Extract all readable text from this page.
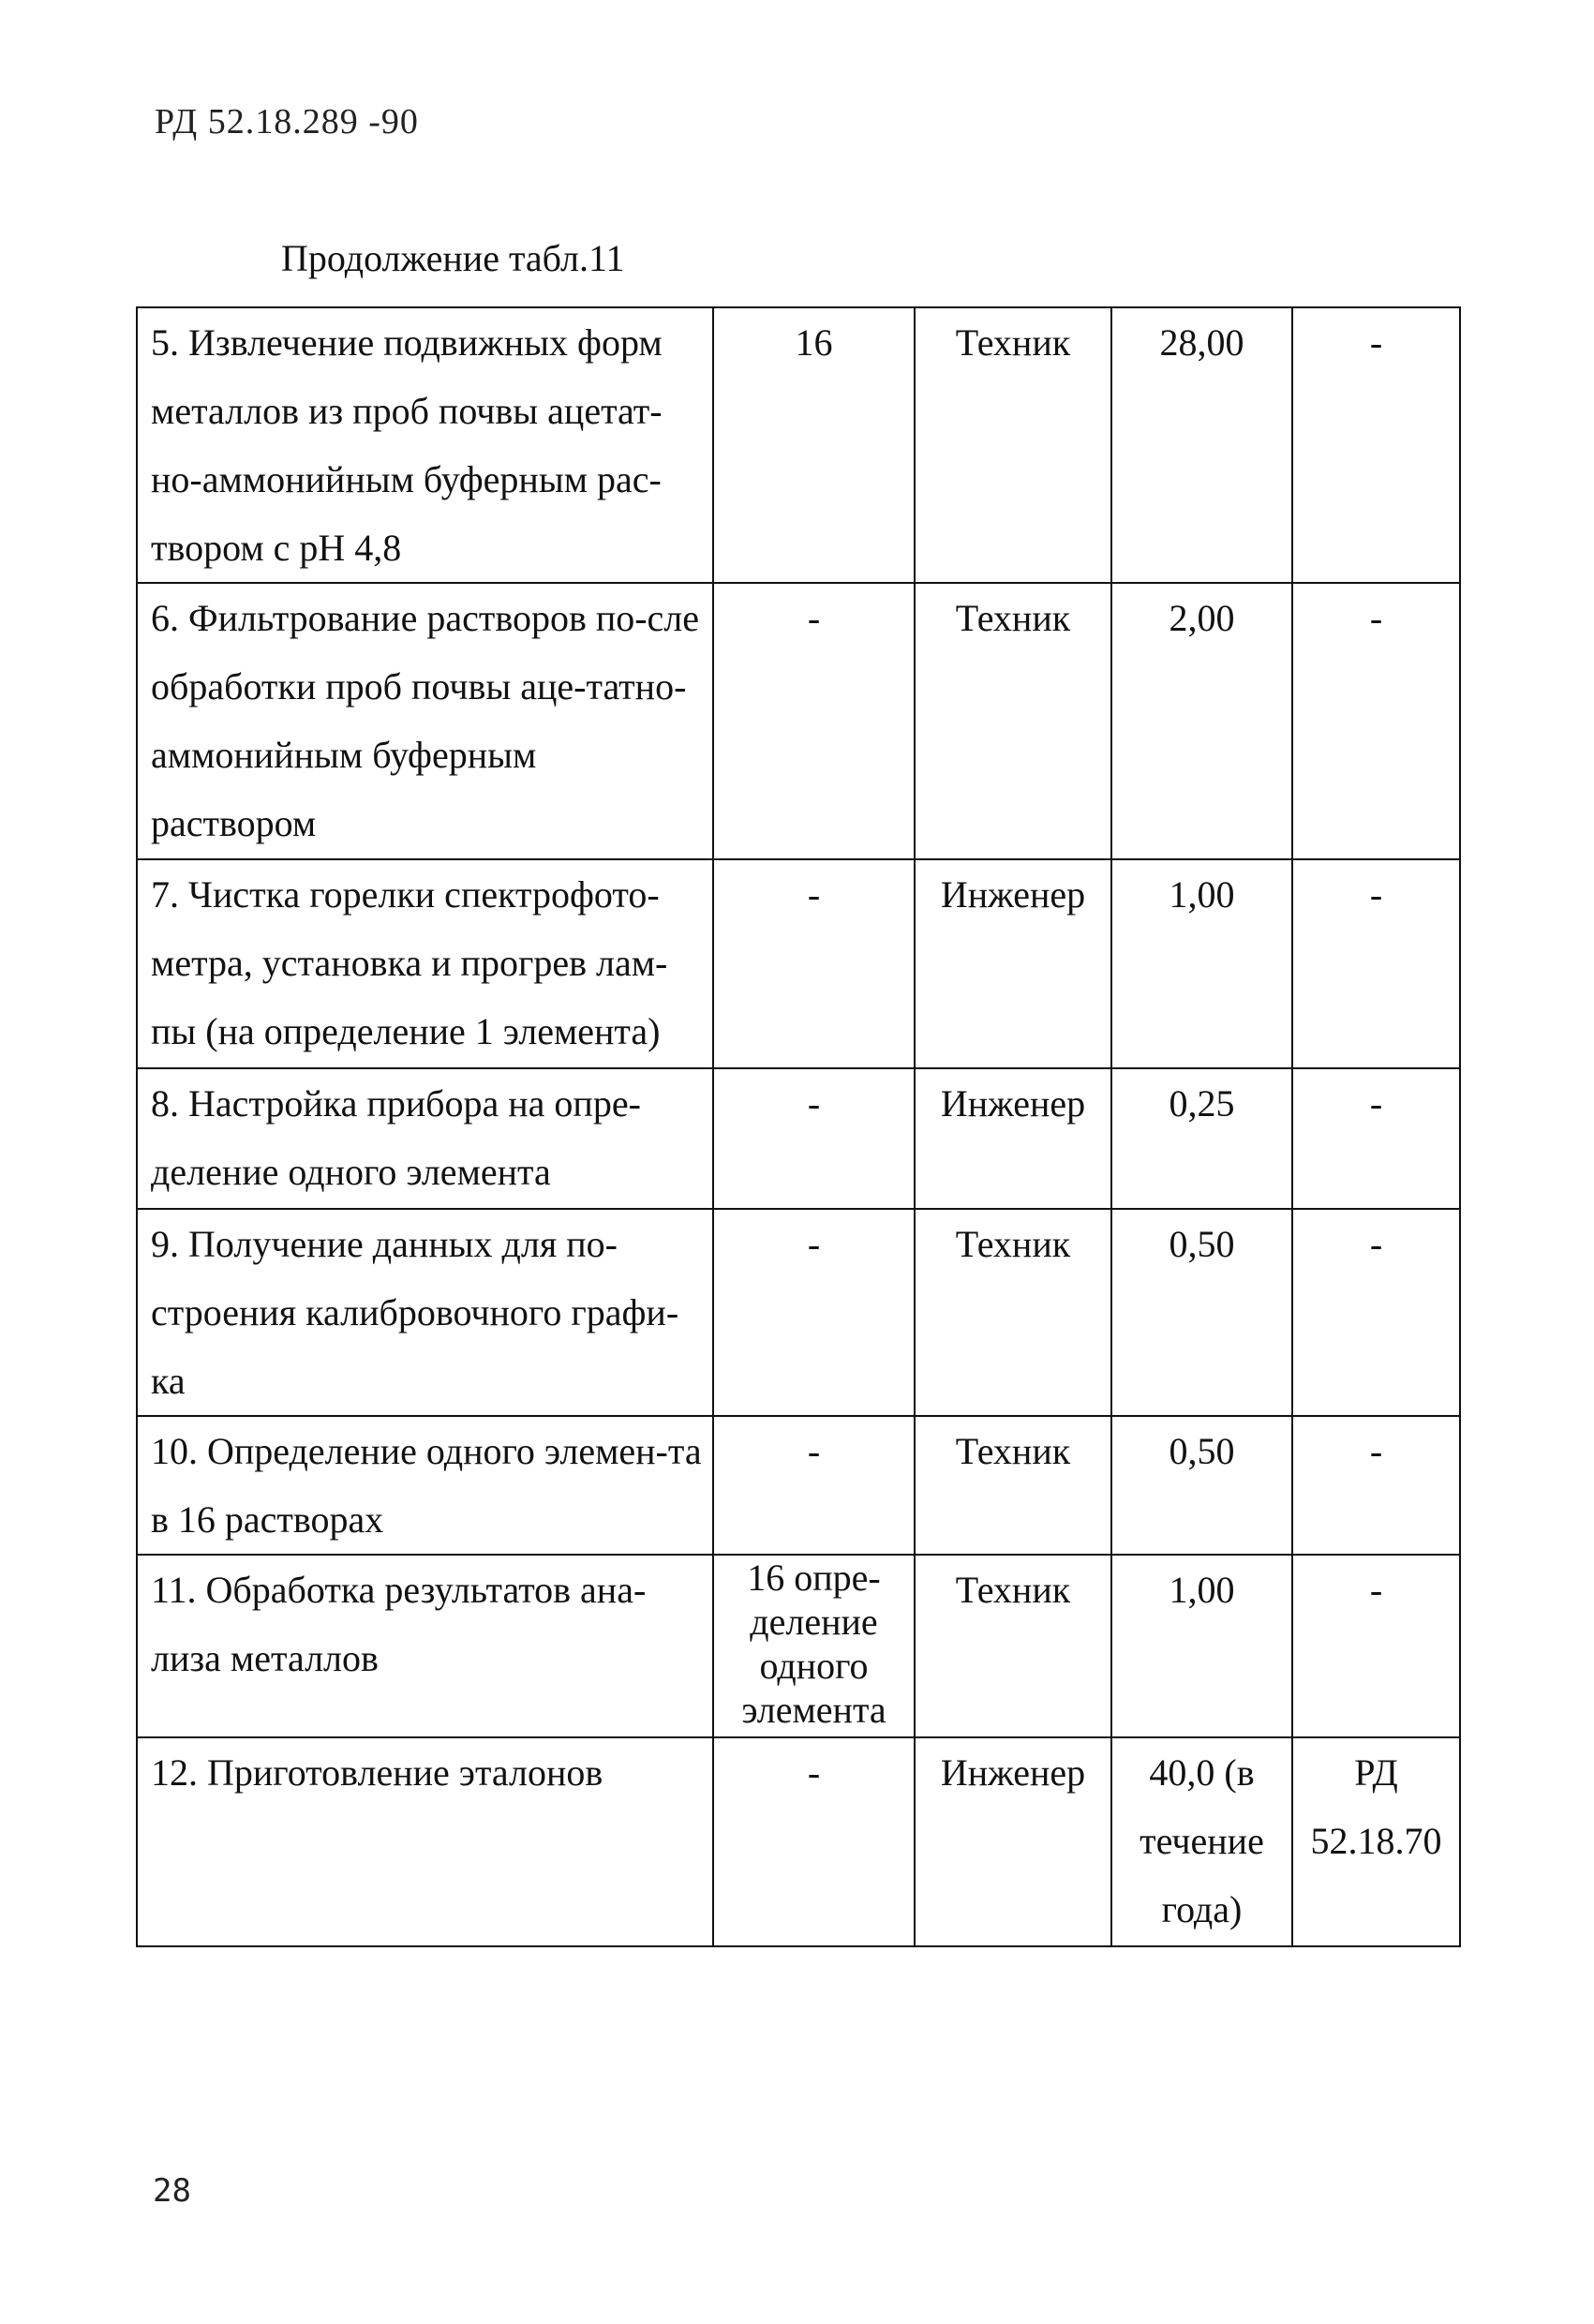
РД 52.18.289 -90
Продолжение табл.11
5. Извлечение подвижных форм металлов из проб почвы ацетат-но-аммонийным буферным рас-твором с рН 4,8	16	Техник	28,00	-
6. Фильтрование растворов по-сле обработки проб почвы аце-татно-аммонийным буферным раствором	-	Техник	2,00	-
7. Чистка горелки спектрофото-метра, установка и прогрев лам-пы (на определение 1 элемента)	-	Инженер	1,00	-
8. Настройка прибора на опре-деление одного элемента	-	Инженер	0,25	-
9. Получение данных для по-строения калибровочного графи-ка	-	Техник	0,50	-
10. Определение одного элемен-та в 16 растворах	-	Техник	0,50	-
11. Обработка результатов ана-лиза металлов	16 опре-деление одного элемента	Техник	1,00	-
12. Приготовление эталонов	-	Инженер	40,0 (в течение года)	РД 52.18.70
28
